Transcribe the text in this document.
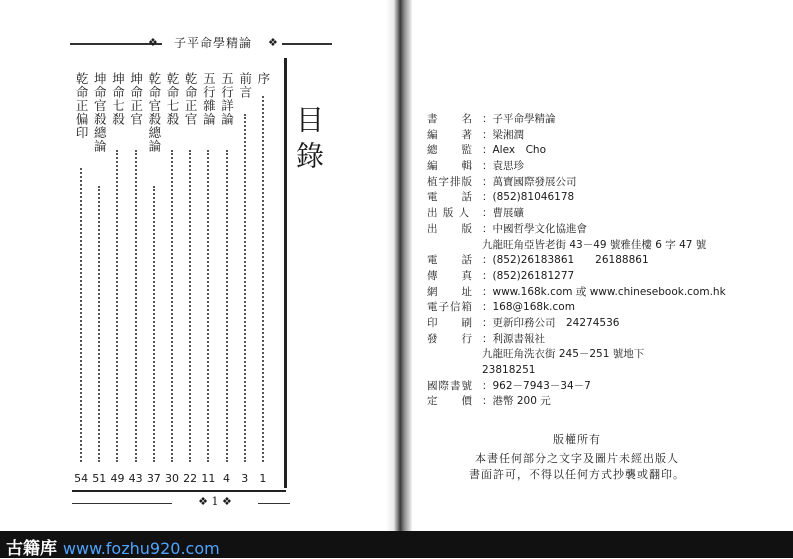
❖	子平命學精論	❖
目錄
序
前言
五行詳論
五行雜論
乾命正官
乾命七殺
乾命官殺總論
坤命正官
坤命七殺
坤命官殺總論
乾命正偏印
1
3
4
11
22
30
37
43
49
51
54
❖ 1 ❖
書　　名 ：子平命學精論
編　　著 ：梁湘潤
總　　監 ：Alex　Cho
編　　輯 ：袁思珍
植字排版 ：萬寶國際發展公司
電　　話 ：(852)81046178
出 版 人 ：曹展礦
出　　版 ：中國哲學文化協進會
九龍旺角亞皆老街 43－49 號雅佳樓 6 字 47 號
電　　話 ：(852)26183861　　26188861
傳　　真 ：(852)26181277
網　　址 ：www.168k.com 或 www.chinesebook.com.hk
電子信箱 ：168@168k.com
印　　刷 ：更新印務公司　24274536
發　　行 ：利源書報社
九龍旺角洗衣街 245－251 號地下
23818251
國際書號 ：962－7943－34－7
定　　價 ：港幣 200 元
版權所有
本書任何部分之文字及圖片未經出版人
書面許可，不得以任何方式抄襲或翻印。
古籍库 www.fozhu920.com
